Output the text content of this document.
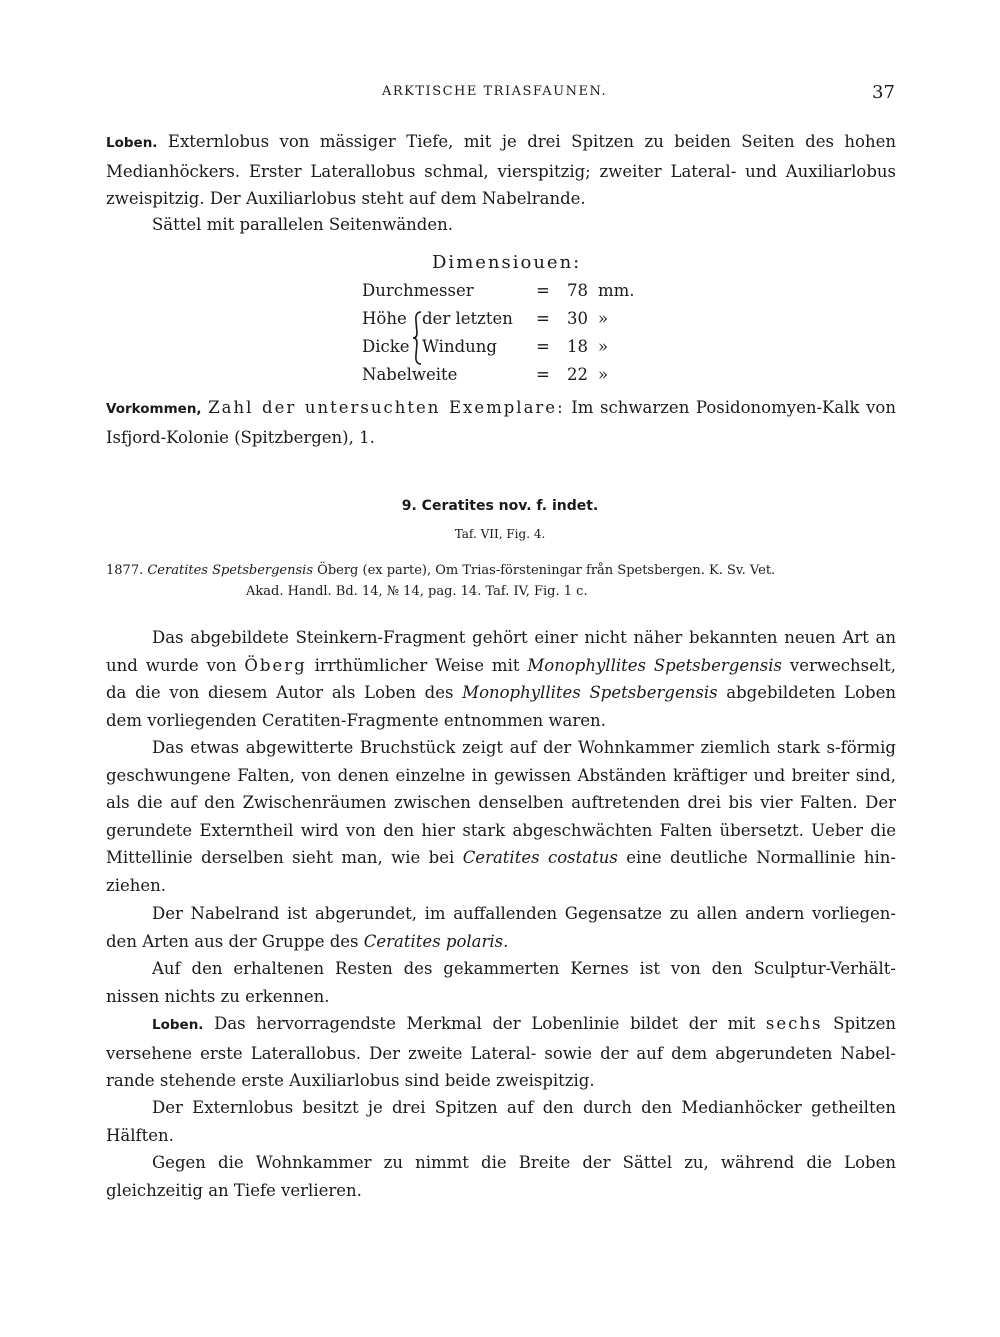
ARKTISCHE TRIASFAUNEN.	37

Loben. Externlobus von mässiger Tiefe, mit je drei Spitzen zu beiden Seiten des hohen Medianhöckers. Erster Laterallobus schmal, vierspitzig; zweiter Lateral- und Auxiliarlobus zweispitzig. Der Auxiliarlobus steht auf dem Nabelrande.

Sättel mit parallelen Seitenwänden.

Dimensiouen:
Durchmesser	= 78 mm.
Höhe der letzten = 30 »
Dicke Windung = 18 »
Nabelweite	= 22 »

Vorkommen, Zahl der untersuchten Exemplare: Im schwarzen Posidonomyen-Kalk von Isfjord-Kolonie (Spitzbergen), 1.

9. Ceratites nov. f. indet.
Taf. VII, Fig. 4.
1877. Ceratites Spetsbergensis Öberg (ex parte), Om Trias-försteningar från Spetsbergen. K. Sv. Vet.
Akad. Handl. Bd. 14, № 14, pag. 14. Taf. IV, Fig. 1 c.

Das abgebildete Steinkern-Fragment gehört einer nicht näher bekannten neuen Art an und wurde von Öberg irrthümlicher Weise mit Monophyllites Spetsbergensis verwechselt, da die von diesem Autor als Loben des Monophyllites Spetsbergensis abgebildeten Loben dem vorliegenden Ceratiten-Fragmente entnommen waren.

Das etwas abgewitterte Bruchstück zeigt auf der Wohnkammer ziemlich stark s-förmig geschwungene Falten, von denen einzelne in gewissen Abständen kräftiger und breiter sind, als die auf den Zwischenräumen zwischen denselben auftretenden drei bis vier Falten. Der gerundete Externtheil wird von den hier stark abgeschwächten Falten übersetzt. Ueber die Mittellinie derselben sieht man, wie bei Ceratites costatus eine deutliche Normallinie hin- ziehen.

Der Nabelrand ist abgerundet, im auffallenden Gegensatze zu allen andern vorliegen- den Arten aus der Gruppe des Ceratites polaris.

Auf den erhaltenen Resten des gekammerten Kernes ist von den Sculptur-Verhält- nissen nichts zu erkennen.

Loben. Das hervorragendste Merkmal der Lobenlinie bildet der mit sechs Spitzen versehene erste Laterallobus. Der zweite Lateral- sowie der auf dem abgerundeten Nabel- rande stehende erste Auxiliarlobus sind beide zweispitzig.

Der Externlobus besitzt je drei Spitzen auf den durch den Medianhöcker getheilten Hälften.

Gegen die Wohnkammer zu nimmt die Breite der Sättel zu, während die Loben gleichzeitig an Tiefe verlieren.
